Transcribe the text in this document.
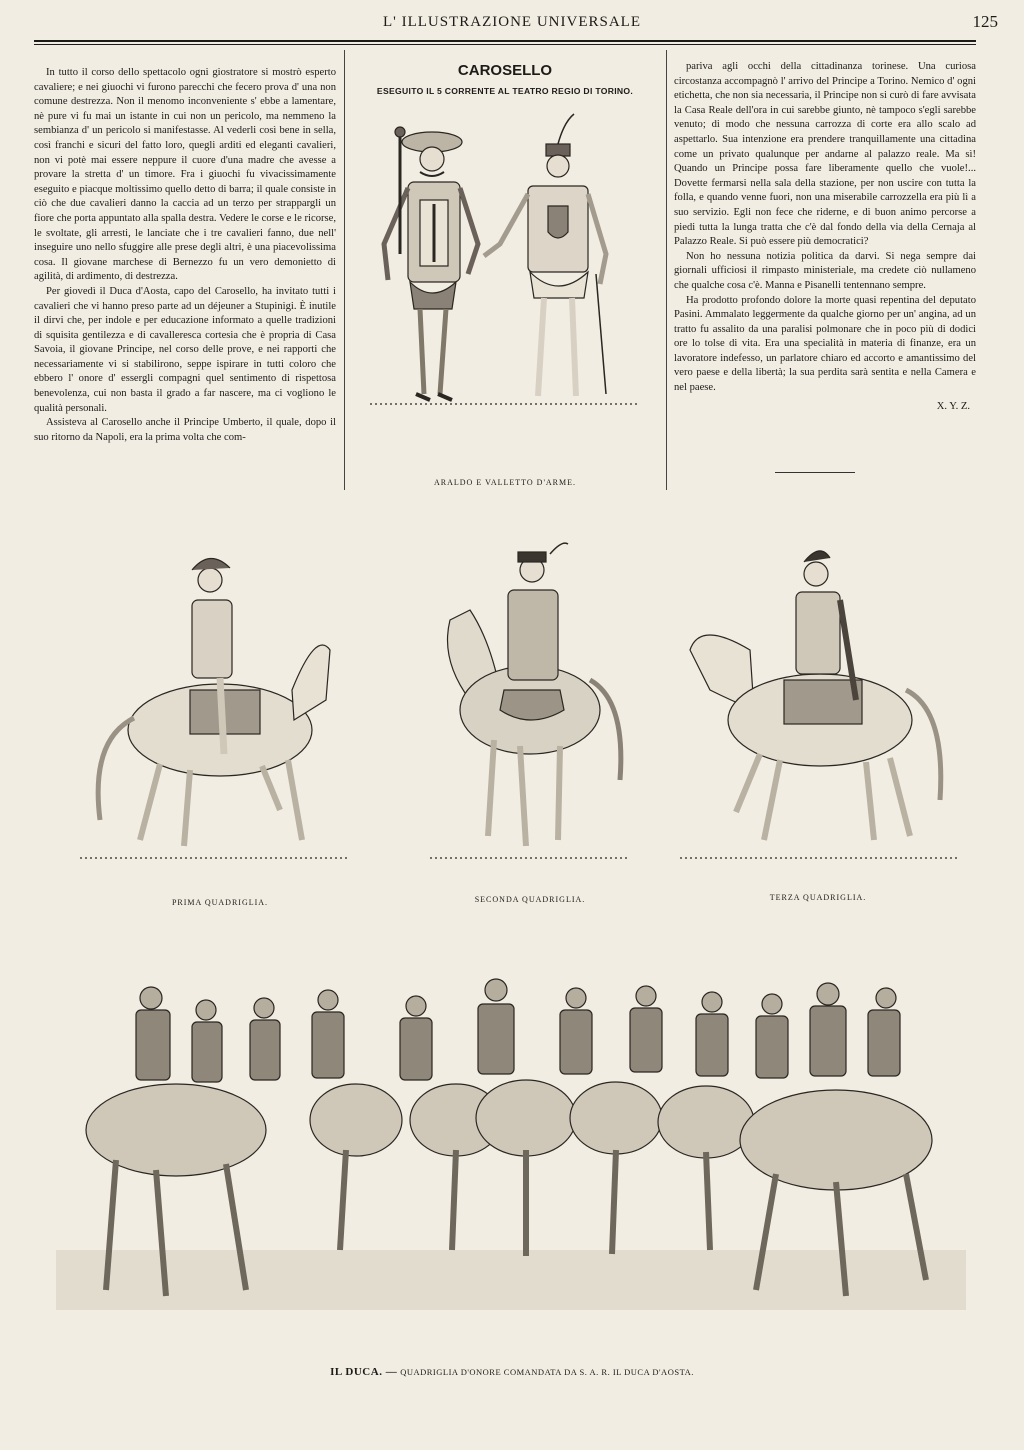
L' ILLUSTRAZIONE UNIVERSALE	125

In tutto il corso dello spettacolo ogni giostratore si mostrò esperto cavaliere; e nei giuochi vi furono parecchi che fecero prova d' una non comune destrezza. Non il menomo inconveniente s' ebbe a lamentare, nè pure vi fu mai un istante in cui non un pericolo, ma nemmeno la sembianza d' un pericolo si manifestasse. Al vederli così bene in sella, così franchi e sicuri del fatto loro, quegli arditi ed eleganti cavalieri, non vi potè mai essere neppure il cuore d'una madre che avesse a provare la stretta d' un timore. Fra i giuochi fu vivacissimamente eseguito e piacque moltissimo quello detto di barra; il quale consiste in ciò che due cavalieri danno la caccia ad un terzo per strappargli un fiore che porta appuntato alla spalla destra. Vedere le corse e le ricorse, le svoltate, gli arresti, le lanciate che i tre cavalieri fanno, due nell' inseguire uno nello sfuggire alle prese degli altri, è una piacevolissima cosa. Il giovane marchese di Bernezzo fu un vero demonietto di agilità, di ardimento, di destrezza.

Per giovedì il Duca d'Aosta, capo del Carosello, ha invitato tutti i cavalieri che vi hanno preso parte ad un déjeuner a Stupinigi. È inutile il dirvi che, per indole e per educazione informato a quelle tradizioni di squisita gentilezza e di cavalleresca cortesia che è propria di Casa Savoia, il giovane Principe, nel corso delle prove, e nei rapporti che necessariamente vi si stabilirono, seppe ispirare in tutti coloro che ebbero l' onore d' essergli compagni quel sentimento di rispettosa benevolenza, cui non basta il grado a far nascere, ma ci vogliono le qualità personali.

Assisteva al Carosello anche il Principe Umberto, il quale, dopo il suo ritorno da Napoli, era la prima volta che com-

CAROSELLO
ESEGUITO IL 5 CORRENTE AL TEATRO REGIO DI TORINO.
ARALDO E VALLETTO D'ARME.

pariva agli occhi della cittadinanza torinese. Una curiosa circostanza accompagnò l' arrivo del Principe a Torino. Nemico d' ogni etichetta, che non sia necessaria, il Principe non si curò di fare avvisata la Casa Reale dell'ora in cui sarebbe giunto, nè tampoco s'egli sarebbe venuto; di modo che nessuna carrozza di corte era allo scalo ad aspettarlo. Sua intenzione era prendere tranquillamente una cittadina come un privato qualunque per andarne al palazzo reale. Ma sì! Quando un Principe possa fare liberamente quello che vuole!... Dovette fermarsi nella sala della stazione, per non uscire con tutta la folla, e quando venne fuori, non una miserabile carrozzella era più lì a suo servizio. Egli non fece che riderne, e di buon animo percorse a piedi tutta la lunga tratta che c'è dal fondo della via della Cernaja al Palazzo Reale. Si può essere più democratici?

Non ho nessuna notizia politica da darvi. Si nega sempre dai giornali ufficiosi il rimpasto ministeriale, ma credete ciò nullameno che qualche cosa c'è. Manna e Pisanelli tentennano sempre.

Ha prodotto profondo dolore la morte quasi repentina del deputato Pasini. Ammalato leggermente da qualche giorno per un' angina, ad un tratto fu assalito da una paralisi polmonare che in poco più di dodici ore lo tolse di vita. Era una specialità in materia di finanze, era un lavoratore indefesso, un parlatore chiaro ed accorto e amantissimo del vero paese e della libertà; la sua perdita sarà sentita e nella Camera e nel paese.

X. Y. Z.

PRIMA QUADRIGLIA.	SECONDA QUADRIGLIA.	TERZA QUADRIGLIA.
IL DUCA. — QUADRIGLIA D'ONORE COMANDATA DA S. A. R. IL DUCA D'AOSTA.
